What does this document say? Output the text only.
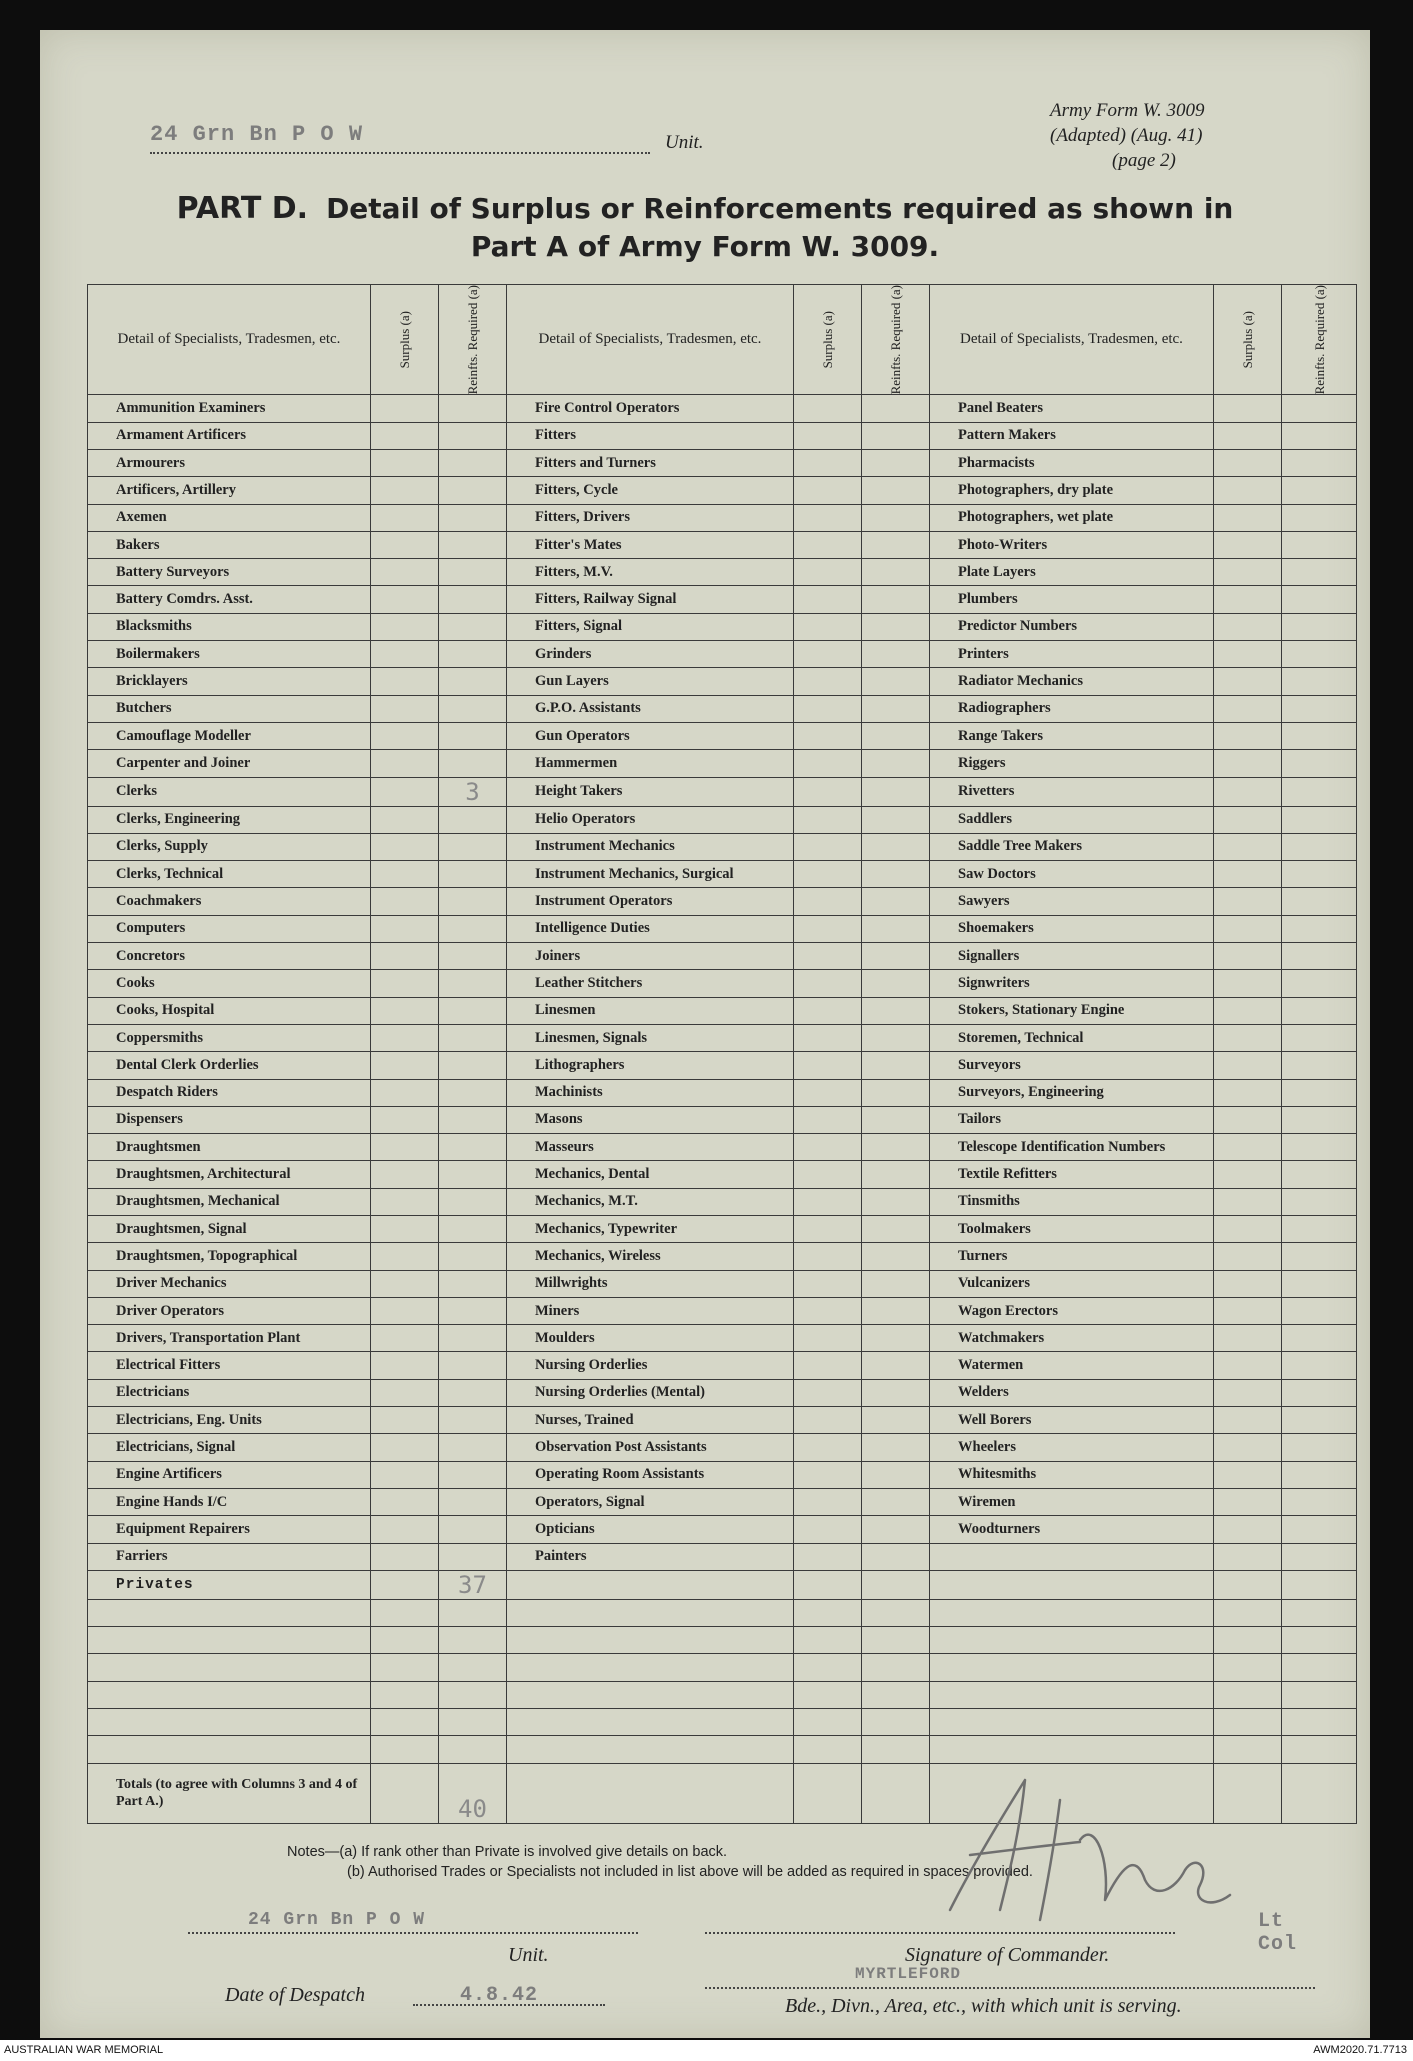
24 Grn Bn P O W	Unit.
Army Form W. 3009
(Adapted) (Aug. 41)
(page 2)
PART D. Detail of Surplus or Reinforcements required as shown in
Part A of Army Form W. 3009.
Detail of Specialists, Tradesmen, etc.	Surplus (a)	Reinfts. Required (a)	Detail of Specialists, Tradesmen, etc.	Surplus (a)	Reinfts. Required (a)	Detail of Specialists, Tradesmen, etc.	Surplus (a)	Reinfts. Required (a)

Ammunition Examiners			Fire Control Operators			Panel Beaters		
Armament Artificers			Fitters			Pattern Makers		
Armourers			Fitters and Turners			Pharmacists		
Artificers, Artillery			Fitters, Cycle			Photographers, dry plate		
Axemen			Fitters, Drivers			Photographers, wet plate		
Bakers			Fitter's Mates			Photo-Writers		
Battery Surveyors			Fitters, M.V.			Plate Layers		
Battery Comdrs. Asst.			Fitters, Railway Signal			Plumbers		
Blacksmiths			Fitters, Signal			Predictor Numbers		
Boilermakers			Grinders			Printers		
Bricklayers			Gun Layers			Radiator Mechanics		
Butchers			G.P.O. Assistants			Radiographers		
Camouflage Modeller			Gun Operators			Range Takers		
Carpenter and Joiner			Hammermen			Riggers		
Clerks		3	Height Takers			Rivetters		
Clerks, Engineering			Helio Operators			Saddlers		
Clerks, Supply			Instrument Mechanics			Saddle Tree Makers		
Clerks, Technical			Instrument Mechanics, Surgical			Saw Doctors		
Coachmakers			Instrument Operators			Sawyers		
Computers			Intelligence Duties			Shoemakers		
Concretors			Joiners			Signallers		
Cooks			Leather Stitchers			Signwriters		
Cooks, Hospital			Linesmen			Stokers, Stationary Engine		
Coppersmiths			Linesmen, Signals			Storemen, Technical		
Dental Clerk Orderlies			Lithographers			Surveyors		
Despatch Riders			Machinists			Surveyors, Engineering		
Dispensers			Masons			Tailors		
Draughtsmen			Masseurs			Telescope Identification Numbers		
Draughtsmen, Architectural			Mechanics, Dental			Textile Refitters		
Draughtsmen, Mechanical			Mechanics, M.T.			Tinsmiths		
Draughtsmen, Signal			Mechanics, Typewriter			Toolmakers		
Draughtsmen, Topographical			Mechanics, Wireless			Turners		
Driver Mechanics			Millwrights			Vulcanizers		
Driver Operators			Miners			Wagon Erectors		
Drivers, Transportation Plant			Moulders			Watchmakers		
Electrical Fitters			Nursing Orderlies			Watermen		
Electricians			Nursing Orderlies (Mental)			Welders		
Electricians, Eng. Units			Nurses, Trained			Well Borers		
Electricians, Signal			Observation Post Assistants			Wheelers		
Engine Artificers			Operating Room Assistants			Whitesmiths		
Engine Hands I/C			Operators, Signal			Wiremen		
Equipment Repairers			Opticians			Woodturners		
Farriers			Painters					
Privates		37						

Totals (to agree with Columns 3 and 4 of Part A.)		40						
Notes—(a) If rank other than Private is involved give details on back.
(b) Authorised Trades or Specialists not included in list above will be added as required in spaces provided.
24 Grn Bn P O W
Unit.	Signature of Commander.
Lt Col
Date of Despatch	4.8.42
MYRTLEFORD
Bde., Divn., Area, etc., with which unit is serving.
AUSTRALIAN WAR MEMORIAL	AWM2020.71.7713
